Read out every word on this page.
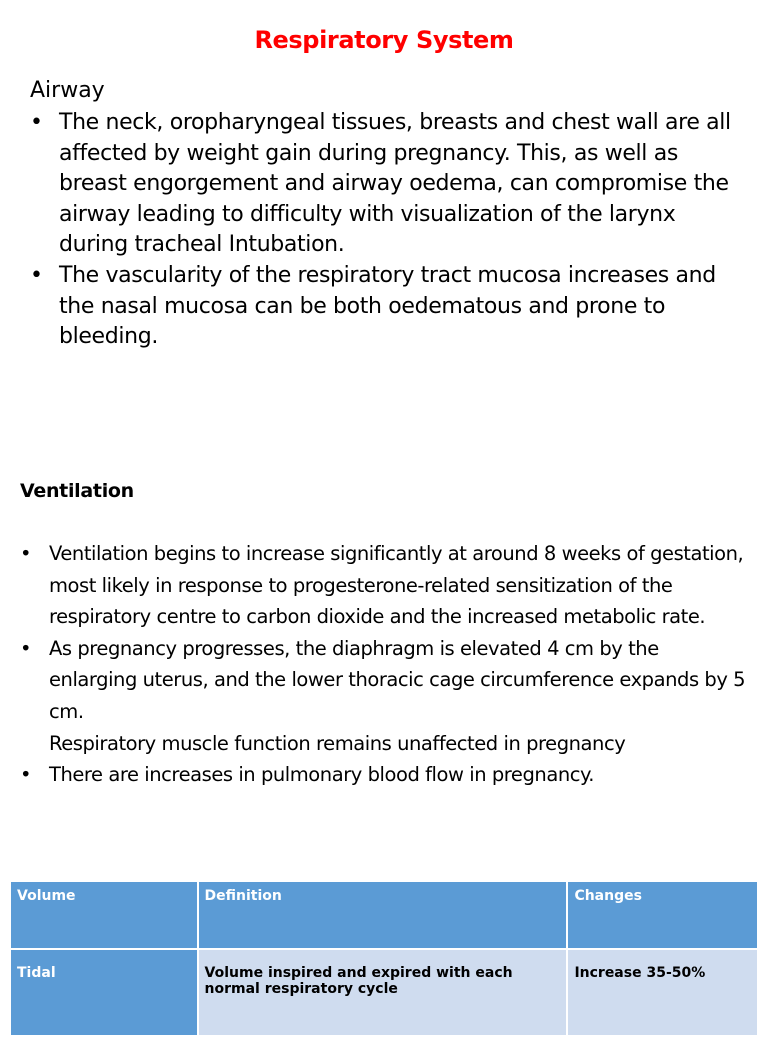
Respiratory System
Airway
• The neck, oropharyngeal tissues, breasts and chest wall are all affected by weight gain during pregnancy. This, as well as breast engorgement and airway oedema, can compromise the airway leading to difficulty with visualization of the larynx during tracheal Intubation.
• The vascularity of the respiratory tract mucosa increases and the nasal mucosa can be both oedematous and prone to bleeding.
Ventilation
• Ventilation begins to increase significantly at around 8 weeks of gestation, most likely in response to progesterone-related sensitization of the respiratory centre to carbon dioxide and the increased metabolic rate.
• As pregnancy progresses, the diaphragm is elevated 4 cm by the enlarging uterus, and the lower thoracic cage circumference expands by 5 cm.
Respiratory muscle function remains unaffected in pregnancy
• There are increases in pulmonary blood flow in pregnancy.
Volume	Definition	Changes
Tidal	Volume inspired and expired with each normal respiratory cycle	Increase 35-50%
